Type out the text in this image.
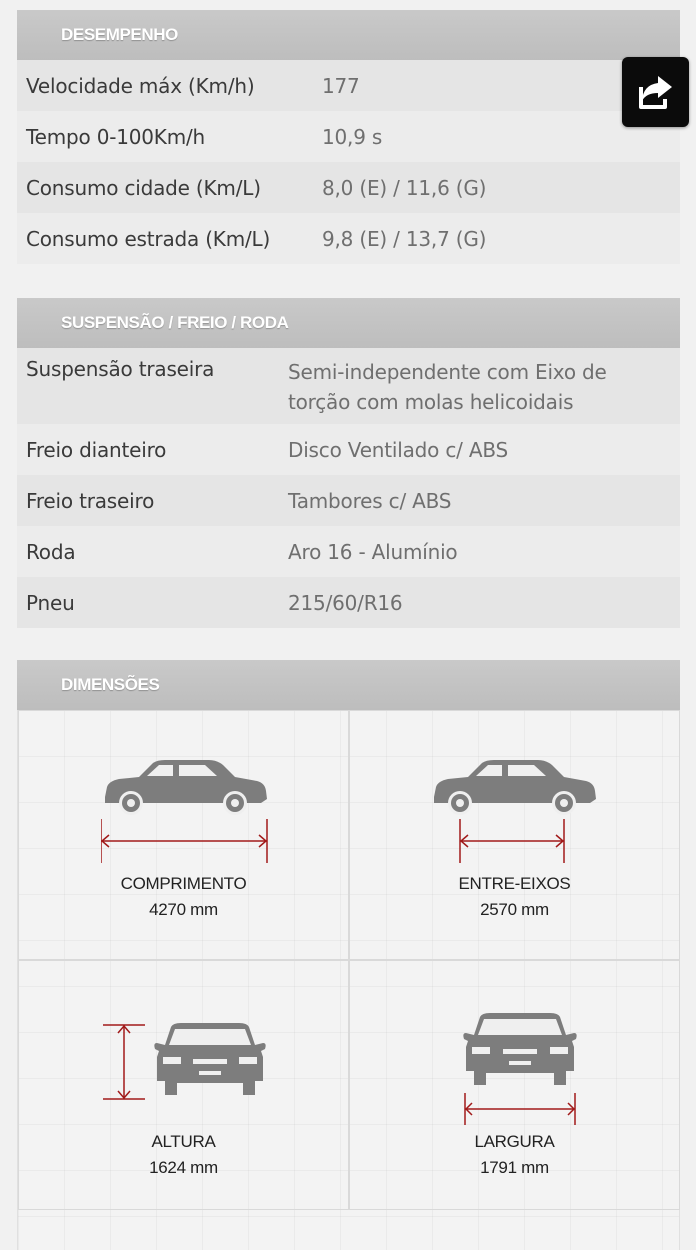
DESEMPENHO
Velocidade máx (Km/h)	177
Tempo 0-100Km/h	10,9 s
Consumo cidade (Km/L)	8,0 (E) / 11,6 (G)
Consumo estrada (Km/L)	9,8 (E) / 13,7 (G)
SUSPENSÃO / FREIO / RODA
Suspensão traseira	Semi-independente com Eixo de
torção com molas helicoidais
Freio dianteiro	Disco Ventilado c/ ABS
Freio traseiro	Tambores c/ ABS
Roda	Aro 16 - Alumínio
Pneu	215/60/R16
DIMENSÕES
COMPRIMENTO
4270 mm
ENTRE-EIXOS
2570 mm
ALTURA
1624 mm
LARGURA
1791 mm
